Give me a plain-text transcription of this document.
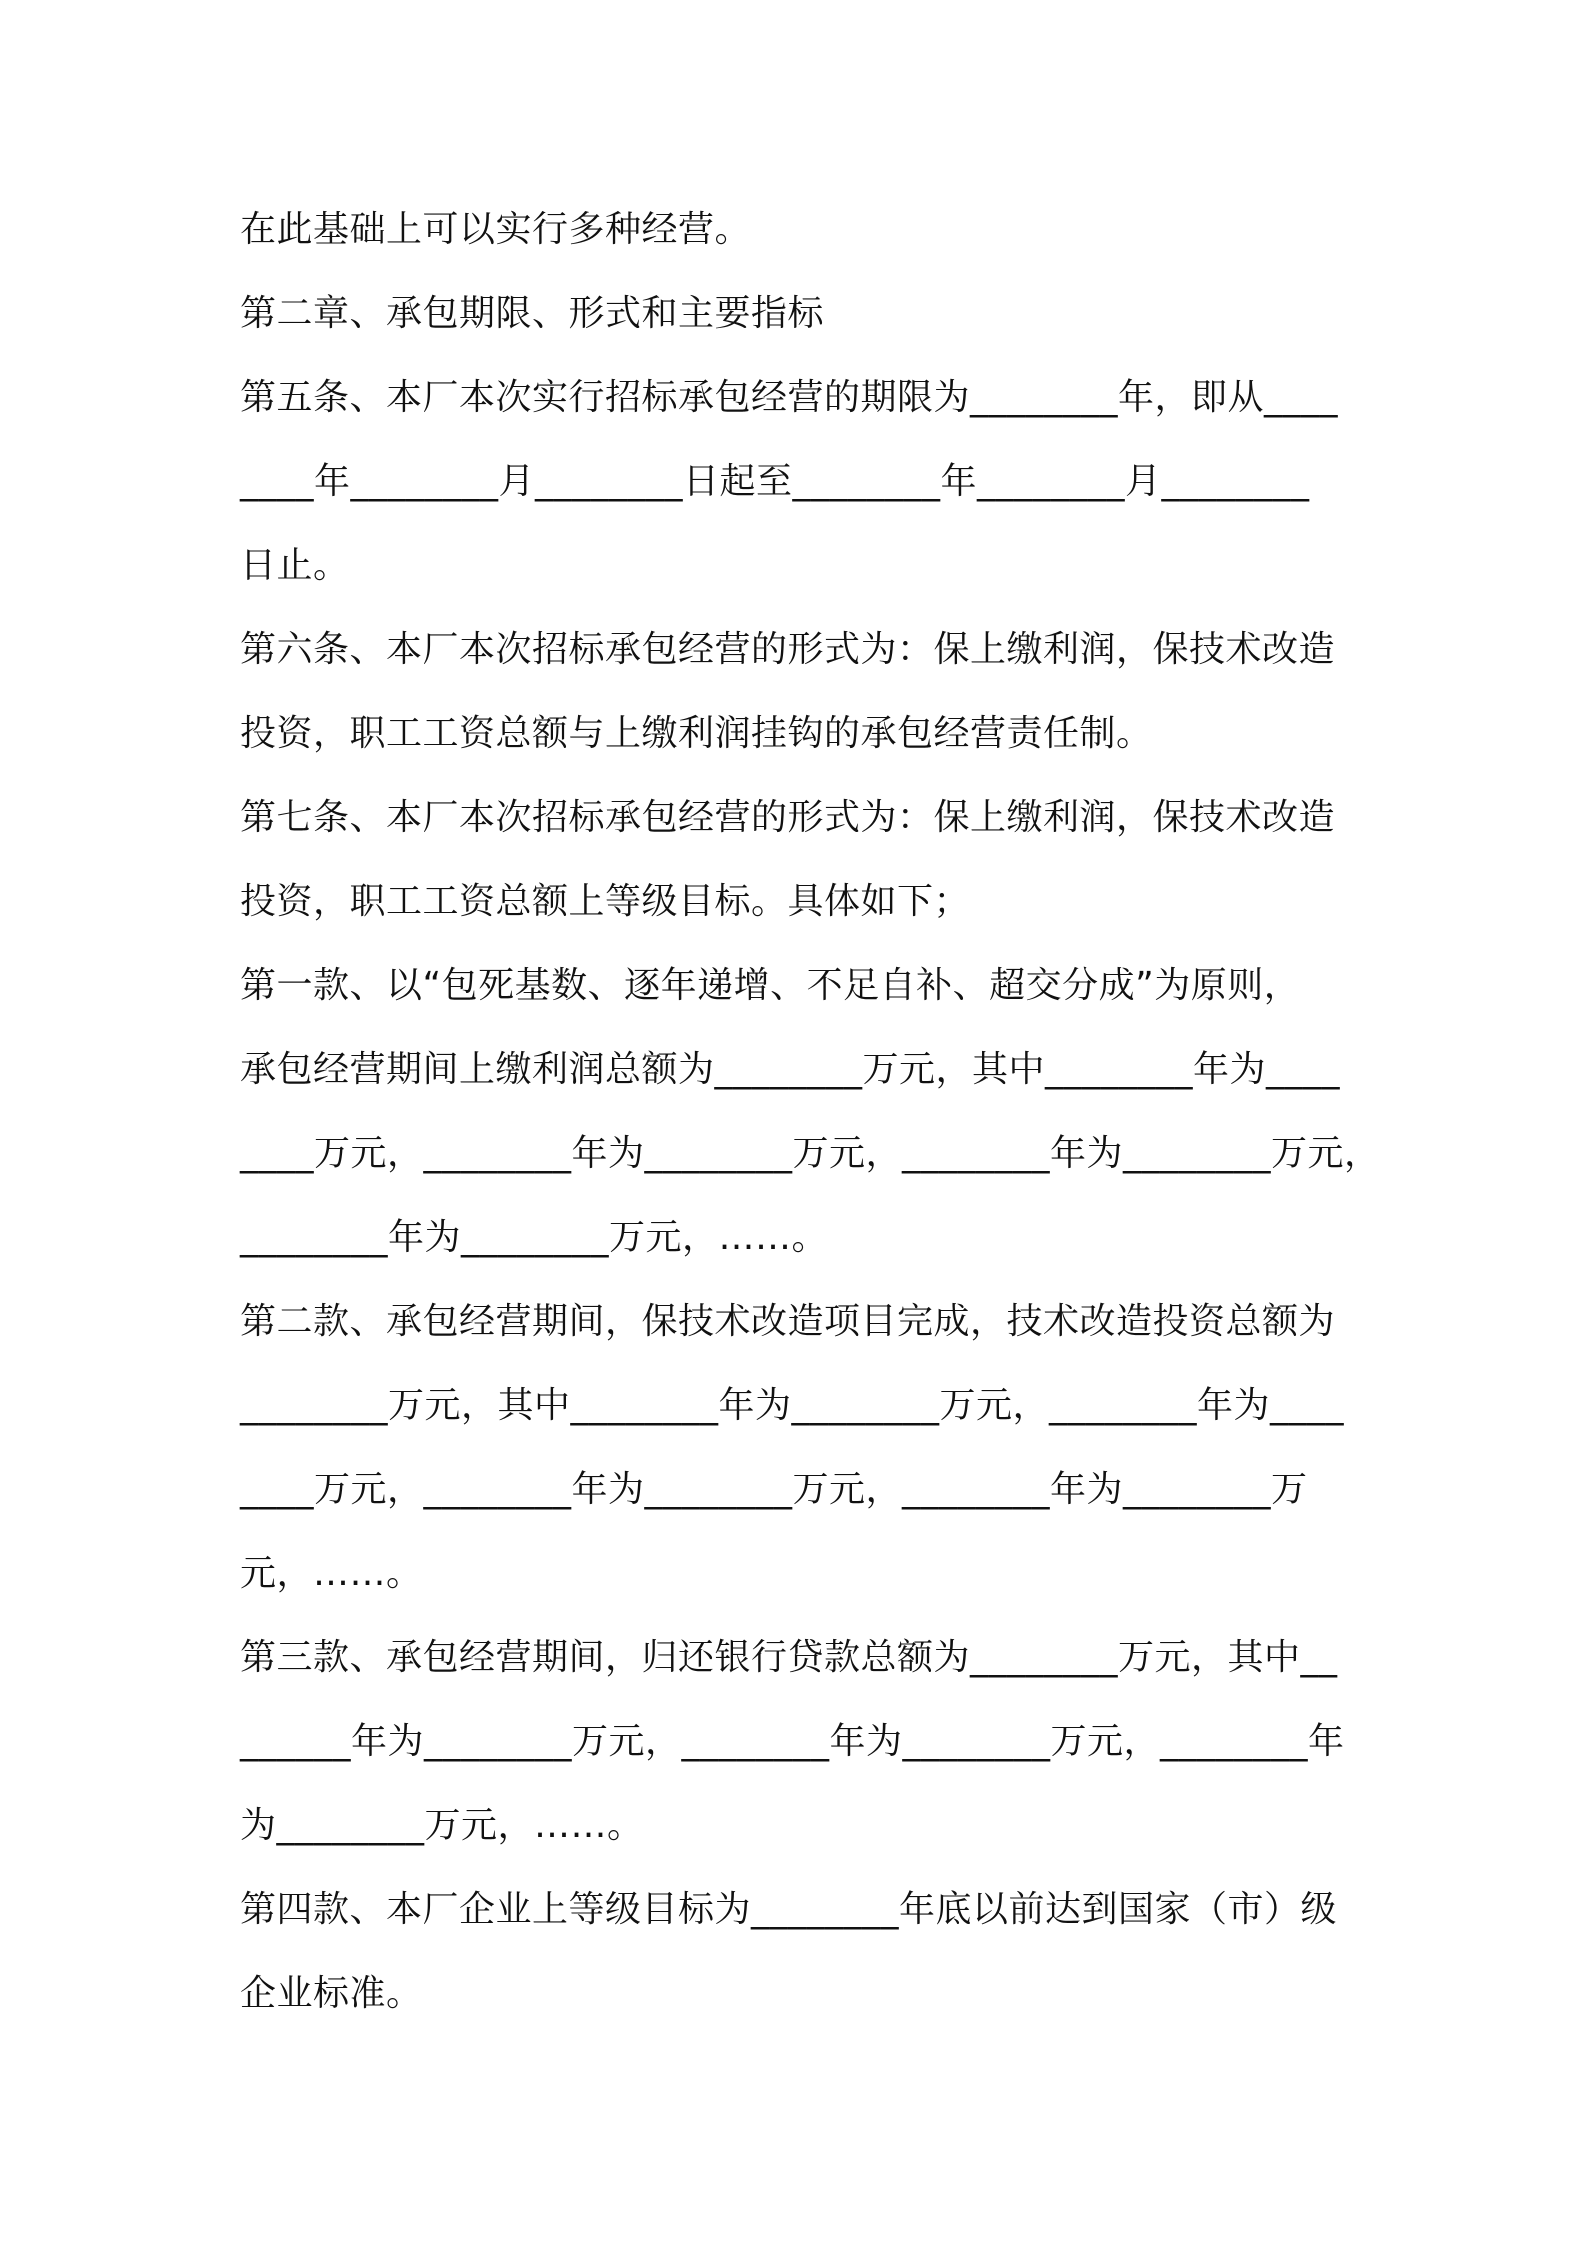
在此基础上可以实行多种经营。

第二章、承包期限、形式和主要指标

第五条、本厂本次实行招标承包经营的期限为________年，即从____

____年________月________日起至________年________月________

日止。

第六条、本厂本次招标承包经营的形式为：保上缴利润，保技术改造

投资，职工工资总额与上缴利润挂钩的承包经营责任制。

第七条、本厂本次招标承包经营的形式为：保上缴利润，保技术改造

投资，职工工资总额上等级目标。具体如下；

第一款、以“包死基数、逐年递增、不足自补、超交分成”为原则，

承包经营期间上缴利润总额为________万元，其中________年为____

____万元，________年为________万元，________年为________万元，

________年为________万元，……。

第二款、承包经营期间，保技术改造项目完成，技术改造投资总额为

________万元，其中________年为________万元，________年为____

____万元，________年为________万元，________年为________万

元，……。

第三款、承包经营期间，归还银行贷款总额为________万元，其中__

______年为________万元，________年为________万元，________年

为________万元，……。

第四款、本厂企业上等级目标为________年底以前达到国家（市）级

企业标准。
